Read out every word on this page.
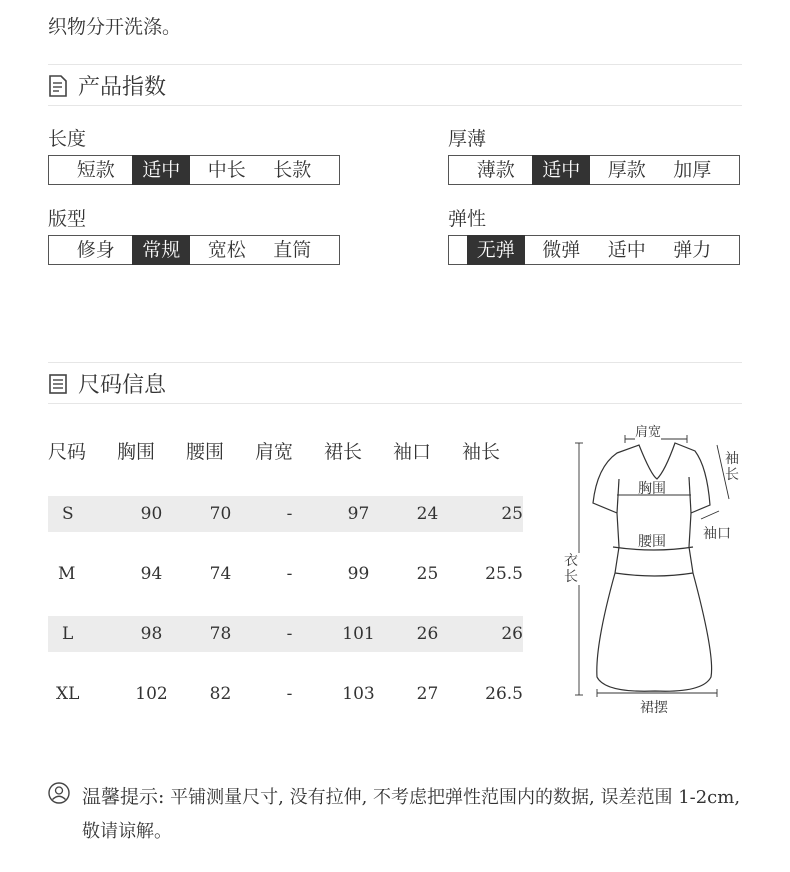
织物分开洗涤。
产品指数
长度
短款	适中	中长	长款
厚薄
薄款	适中	厚款	加厚
版型
修身	常规	宽松	直筒
弹性
无弹	微弹	适中	弹力
尺码信息
尺码	胸围	腰围	肩宽	裙长	袖口	袖长

S	90	70	-	97	24	25

M	94	74	-	99	25	25.5

L	98	78	-	101	26	26

XL	102	82	-	103	27	26.5
肩宽
袖长
胸围
袖口
腰围
衣长
裙摆
温馨提示: 平铺测量尺寸, 没有拉伸, 不考虑把弹性范围内的数据, 误差范围 1-2cm, 敬请谅解。
